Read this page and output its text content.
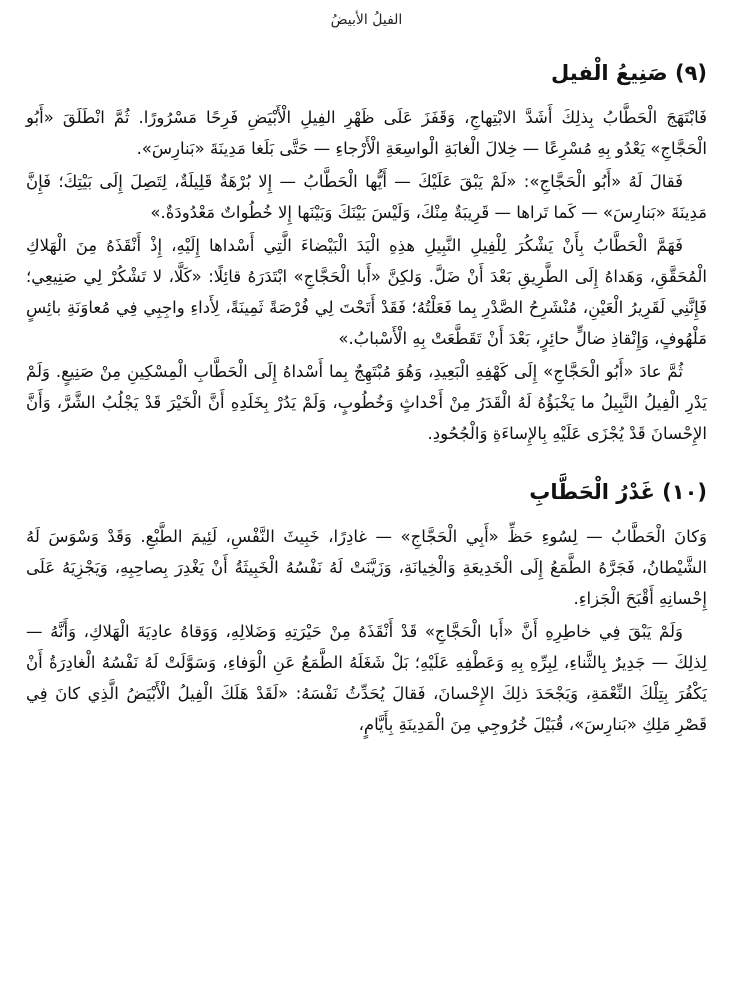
الفيلُ الأبيضُ
(٩) صَنِيعُ الْفيل

فَابْتَهَجَ الْحَطَّابُ بِذلِكَ أَشَدَّ الابْتِهاجِ، وَقَفَزَ عَلَى ظَهْرِ الفِيلِ الْأَبْيَضِ فَرِحًا مَسْرُورًا. ثُمَّ انْطَلَقَ «أَبُو الْحَجَّاجِ» يَعْدُو بِهِ مُسْرِعًا — خِلالَ الْغابَةِ الْواسِعَةِ الْأَرْجاءِ — حَتَّى بَلَغا مَدِينَةَ «بَنارِسَ».

فَقالَ لَهُ «أَبُو الْحَجَّاجِ»: «لَمْ يَبْقَ عَلَيْكَ — أَيُّها الْحَطَّابُ — إِلا بُرْهَةٌ قَلِيلَةٌ، لِتَصِلَ إِلَى بَيْتِكَ؛ فَإِنَّ مَدِينَةَ «بَنارِسَ» — كَما تَراها — قَرِيبَةٌ مِنْكَ، وَلَيْسَ بَيْنَكَ وَبَيْنَها إِلا خُطُواتٌ مَعْدُودَةٌ.»

فَهَمَّ الْحَطَّابُ بِأَنْ يَشْكُرَ لِلْفِيلِ النَّبِيلِ هذِهِ الْيَدَ الْبَيْضاءَ الَّتِي أَسْداها إِلَيْهِ، إِذْ أَنْقَذَهُ مِنَ الْهَلاكِ الْمُحَقَّقِ، وَهَداهُ إِلَى الطَّرِيقِ بَعْدَ أَنْ ضَلَّ. وَلكِنَّ «أَبا الْحَجَّاجِ» ابْتَدَرَهُ قائِلًا: «كَلَّا، لا تَشْكُرْ لِي صَنِيعِي؛ فَإِنَّنِي لَقَرِيرُ الْعَيْنِ، مُنْشَرِحُ الصَّدْرِ بِما فَعَلْتُهُ؛ فَقَدْ أَتَحْتَ لِي فُرْصَةً ثَمِينَةً، لِأَداءِ واجِبِي فِي مُعاوَنَةِ بائِسٍ مَلْهُوفٍ، وَإِنْقاذِ ضالٍّ حائِرٍ، بَعْدَ أَنْ تَقَطَّعَتْ بِهِ الْأَسْبابُ.»

ثُمَّ عادَ «أَبُو الْحَجَّاجِ» إِلَى كَهْفِهِ الْبَعِيدِ، وَهُوَ مُبْتَهِجٌ بِما أَسْداهُ إِلَى الْحَطَّابِ الْمِسْكِينِ مِنْ صَنِيعٍ. وَلَمْ يَدْرِ الْفِيلُ النَّبِيلُ ما يَخْبَؤُهُ لَهُ الْقَدَرُ مِنْ أَحْداثٍ وَخُطُوبٍ، وَلَمْ يَدُرْ بِخَلَدِهِ أَنَّ الْخَيْرَ قَدْ يَجْلُبُ الشَّرَّ، وَأَنَّ الإِحْسانَ قَدْ يُجْزَى عَلَيْهِ بِالإِساءَةِ وَالْجُحُودِ.

(١٠) غَدْرُ الْحَطَّابِ

وَكانَ الْحَطَّابُ — لِسُوءِ حَظِّ «أَبِي الْحَجَّاجِ» — غادِرًا، خَبِيثَ النَّفْسِ، لَئِيمَ الطَّبْعِ. وَقَدْ وَسْوَسَ لَهُ الشَّيْطانُ، فَجَرَّهُ الطَّمَعُ إِلَى الْخَدِيعَةِ وَالْخِيانَةِ، وَزَيَّنَتْ لَهُ نَفْسُهُ الْخَبِيثَةُ أَنْ يَغْدِرَ بِصاحِبِهِ، وَيَجْزِيَهُ عَلَى إِحْسانِهِ أَقْبَحَ الْجَزاءِ.

وَلَمْ يَبْقَ فِي خاطِرِهِ أَنَّ «أَبا الْحَجَّاجِ» قَدْ أَنْقَذَهُ مِنْ حَيْرَتِهِ وَضَلالِهِ، وَوَقاهُ عادِيَةَ الْهَلاكِ، وَأَنَّهُ — لِذلِكَ — جَدِيرٌ بِالثَّناءِ، لِبِرِّهِ بِهِ وَعَطْفِهِ عَلَيْهِ؛ بَلْ شَغَلَهُ الطَّمَعُ عَنِ الْوَفاءِ، وَسَوَّلَتْ لَهُ نَفْسُهُ الْغادِرَةُ أَنْ يَكْفُرَ بِتِلْكَ النِّعْمَةِ، وَيَجْحَدَ ذلِكَ الإِحْسانَ، فَقالَ يُحَدِّثُ نَفْسَهُ: «لَقَدْ هَلَكَ الْفِيلُ الْأَبْيَضُ الَّذِي كانَ فِي قَصْرِ مَلِكِ «بَنارِسَ»، قُبَيْلَ خُرُوجِي مِنَ الْمَدِينَةِ بِأَيَّامٍ،
